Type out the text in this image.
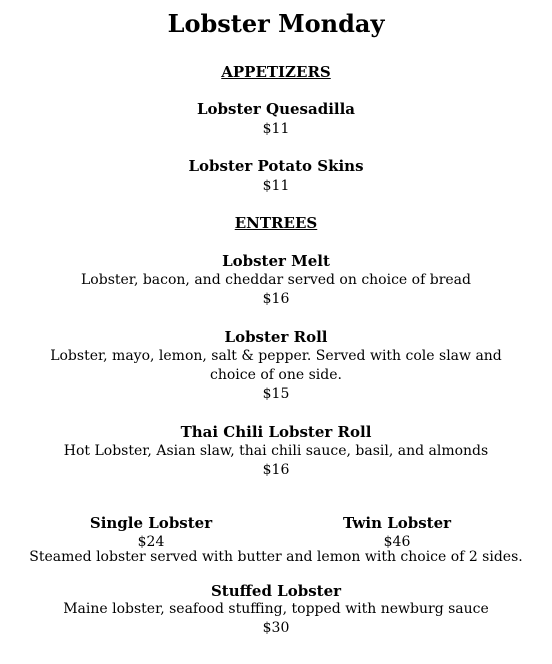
Lobster Monday
APPETIZERS
Lobster Quesadilla
$11
Lobster Potato Skins
$11
ENTREES
Lobster Melt
Lobster, bacon, and cheddar served on choice of bread
$16
Lobster Roll
Lobster, mayo, lemon, salt & pepper. Served with cole slaw and
choice of one side.
$15
Thai Chili Lobster Roll
Hot Lobster, Asian slaw, thai chili sauce, basil, and almonds
$16
Single Lobster
$24
Twin Lobster
$46
Steamed lobster served with butter and lemon with choice of 2 sides.
Stuffed Lobster
Maine lobster, seafood stuffing, topped with newburg sauce
$30
